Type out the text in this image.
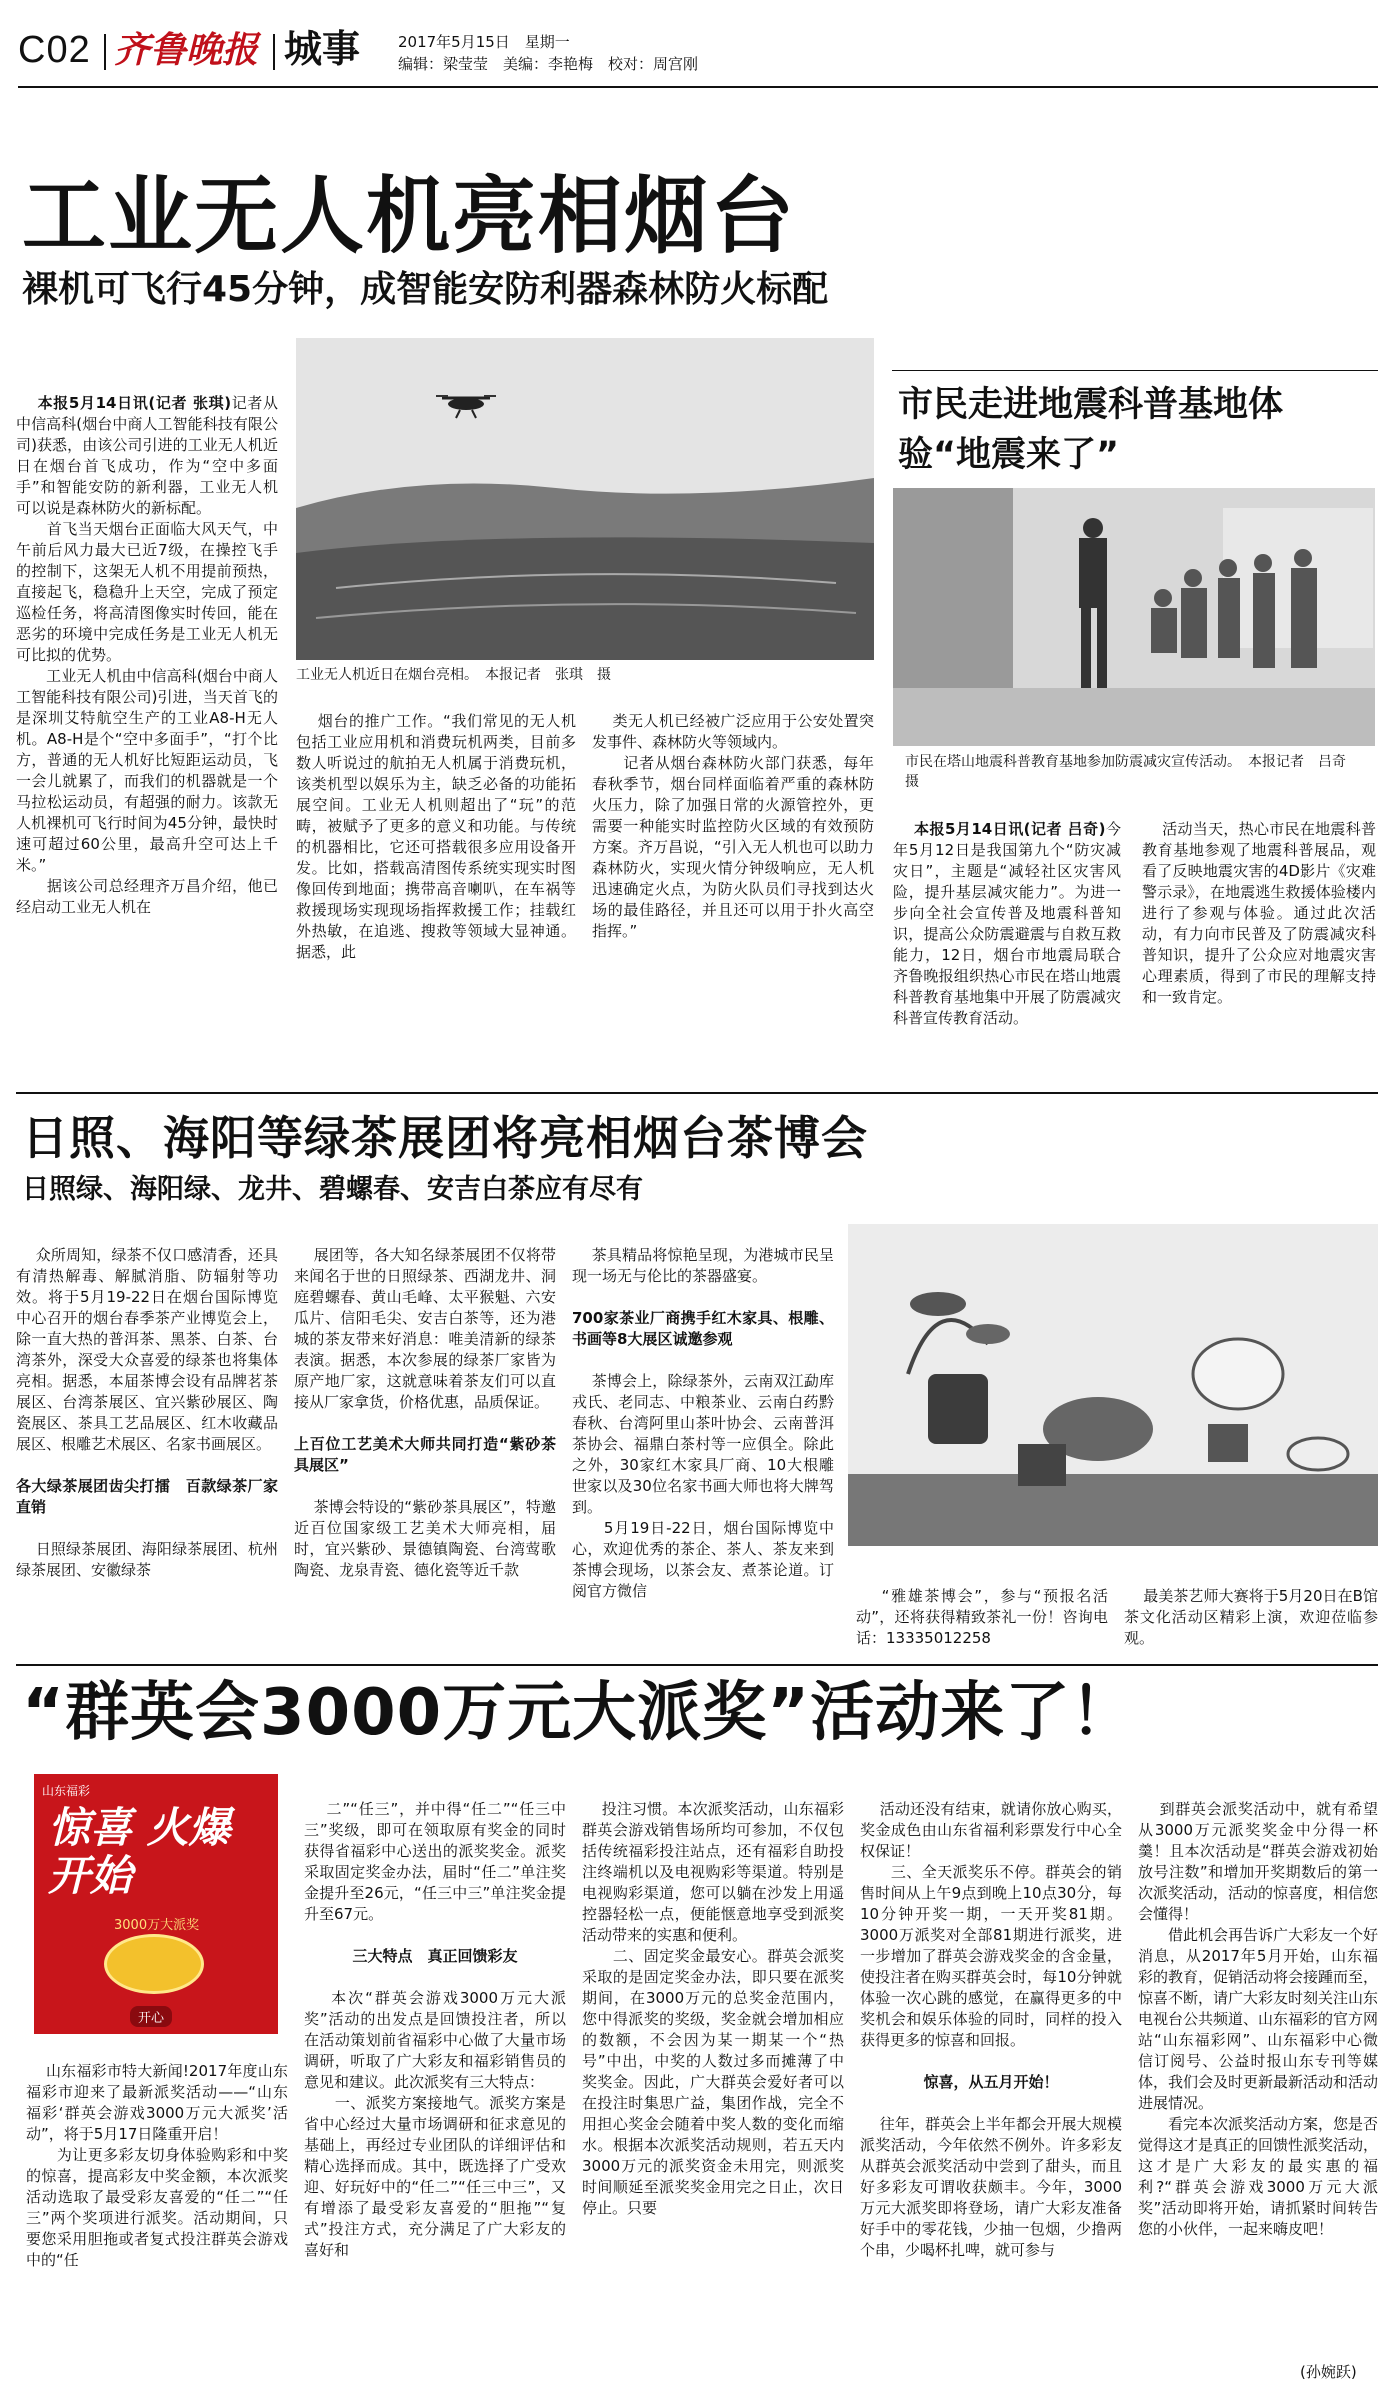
C02 齐鲁晚报 城事	2017年5月15日　星期一
编辑：梁莹莹　美编：李艳梅　校对：周宫刚
工业无人机亮相烟台
裸机可飞行45分钟，成智能安防利器森林防火标配
工业无人机近日在烟台亮相。　本报记者　张琪　摄

本报5月14日讯(记者 张琪)记者从中信高科(烟台中商人工智能科技有限公司)获悉，由该公司引进的工业无人机近日在烟台首飞成功，作为“空中多面手”和智能安防的新利器，工业无人机可以说是森林防火的新标配。
　　首飞当天烟台正面临大风天气，中午前后风力最大已近7级，在操控飞手的控制下，这架无人机不用提前预热，直接起飞，稳稳升上天空，完成了预定巡检任务，将高清图像实时传回，能在恶劣的环境中完成任务是工业无人机无可比拟的优势。
　　工业无人机由中信高科(烟台中商人工智能科技有限公司)引进，当天首飞的是深圳艾特航空生产的工业A8-H无人机。A8-H是个“空中多面手”，“打个比方，普通的无人机好比短距运动员，飞一会儿就累了，而我们的机器就是一个马拉松运动员，有超强的耐力。该款无人机裸机可飞行时间为45分钟，最快时速可超过60公里，最高升空可达上千米。”
　　据该公司总经理齐万昌介绍，他已经启动工业无人机在

烟台的推广工作。“我们常见的无人机包括工业应用机和消费玩机两类，目前多数人听说过的航拍无人机属于消费玩机，该类机型以娱乐为主，缺乏必备的功能拓展空间。工业无人机则超出了“玩”的范畴，被赋予了更多的意义和功能。与传统的机器相比，它还可搭载很多应用设备开发。比如，搭载高清图传系统实现实时图像回传到地面；携带高音喇叭，在车祸等救援现场实现现场指挥救援工作；挂载红外热敏，在追逃、搜救等领域大显神通。据悉，此

类无人机已经被广泛应用于公安处置突发事件、森林防火等领域内。
　　记者从烟台森林防火部门获悉，每年春秋季节，烟台同样面临着严重的森林防火压力，除了加强日常的火源管控外，更需要一种能实时监控防火区域的有效预防方案。齐万昌说，“引入无人机也可以助力森林防火，实现火情分钟级响应，无人机迅速确定火点，为防火队员们寻找到达火场的最佳路径，并且还可以用于扑火高空指挥。”

市民走进地震科普基地体验“地震来了”
市民在塔山地震科普教育基地参加防震减灾宣传活动。　本报记者　吕奇　摄

本报5月14日讯(记者 吕奇)今年5月12日是我国第九个“防灾减灾日”，主题是“减轻社区灾害风险，提升基层减灾能力”。为进一步向全社会宣传普及地震科普知识，提高公众防震避震与自救互救能力，12日，烟台市地震局联合齐鲁晚报组织热心市民在塔山地震科普教育基地集中开展了防震减灾科普宣传教育活动。

活动当天，热心市民在地震科普教育基地参观了地震科普展品，观看了反映地震灾害的4D影片《灾难警示录》，在地震逃生救援体验楼内进行了参观与体验。通过此次活动，有力向市民普及了防震减灾科普知识，提升了公众应对地震灾害心理素质，得到了市民的理解支持和一致肯定。

日照、海阳等绿茶展团将亮相烟台茶博会
日照绿、海阳绿、龙井、碧螺春、安吉白茶应有尽有

众所周知，绿茶不仅口感清香，还具有清热解毒、解腻消脂、防辐射等功效。将于5月19-22日在烟台国际博览中心召开的烟台春季茶产业博览会上，除一直大热的普洱茶、黑茶、白茶、台湾茶外，深受大众喜爱的绿茶也将集体亮相。据悉，本届茶博会设有品牌茗茶展区、台湾茶展区、宜兴紫砂展区、陶瓷展区、茶具工艺品展区、红木收藏品展区、根雕艺术展区、名家书画展区。

各大绿茶展团齿尖打擂　百款绿茶厂家直销

日照绿茶展团、海阳绿茶展团、杭州绿茶展团、安徽绿茶

展团等，各大知名绿茶展团不仅将带来闻名于世的日照绿茶、西湖龙井、洞庭碧螺春、黄山毛峰、太平猴魁、六安瓜片、信阳毛尖、安吉白茶等，还为港城的茶友带来好消息：唯美清新的绿茶表演。据悉，本次参展的绿茶厂家皆为原产地厂家，这就意味着茶友们可以直接从厂家拿货，价格优惠，品质保证。

上百位工艺美术大师共同打造“紫砂茶具展区”

茶博会特设的“紫砂茶具展区”，特邀近百位国家级工艺美术大师亮相，届时，宜兴紫砂、景德镇陶瓷、台湾莺歌陶瓷、龙泉青瓷、德化瓷等近千款

茶具精品将惊艳呈现，为港城市民呈现一场无与伦比的茶器盛宴。

700家茶业厂商携手红木家具、根雕、书画等8大展区诚邀参观

茶博会上，除绿茶外，云南双江勐库戎氏、老同志、中粮茶业、云南白药黔春秋、台湾阿里山茶叶协会、云南普洱茶协会、福鼎白茶村等一应俱全。除此之外，30家红木家具厂商、10大根雕世家以及30位名家书画大师也将大牌驾到。
　　5月19日-22日，烟台国际博览中心，欢迎优秀的茶企、茶人、茶友来到茶博会现场，以茶会友、煮茶论道。订阅官方微信
	“雅雄茶博会”，参与“预报名活动”，还将获得精致茶礼一份！咨询电话：13335012258

最美茶艺师大赛将于5月20日在B馆茶文化活动区精彩上演，欢迎莅临参观。

“群英会3000万元大派奖”活动来了！
山东福彩
惊喜 火爆开始
3000万大派奖
开心

山东福彩市特大新闻!2017年度山东福彩市迎来了最新派奖活动——“山东福彩‘群英会游戏3000万元大派奖’活动”，将于5月17日隆重开启！
　　为让更多彩友切身体验购彩和中奖的惊喜，提高彩友中奖金额，本次派奖活动选取了最受彩友喜爱的“任二”“任三”两个奖项进行派奖。活动期间，只要您采用胆拖或者复式投注群英会游戏中的“任

二”“任三”，并中得“任二”“任三中三”奖级，即可在领取原有奖金的同时获得省福彩中心送出的派奖奖金。派奖采取固定奖金办法，届时“任二”单注奖金提升至26元，“任三中三”单注奖金提升至67元。

三大特点　真正回馈彩友

本次“群英会游戏3000万元大派奖”活动的出发点是回馈投注者，所以在活动策划前省福彩中心做了大量市场调研，听取了广大彩友和福彩销售员的意见和建议。此次派奖有三大特点：
　　一、派奖方案接地气。派奖方案是省中心经过大量市场调研和征求意见的基础上，再经过专业团队的详细评估和精心选择而成。其中，既选择了广受欢迎、好玩好中的“任二”“任三中三”，又有增添了最受彩友喜爱的“胆拖”“复式”投注方式，充分满足了广大彩友的喜好和

投注习惯。本次派奖活动，山东福彩群英会游戏销售场所均可参加，不仅包括传统福彩投注站点，还有福彩自助投注终端机以及电视购彩等渠道。特别是电视购彩渠道，您可以躺在沙发上用遥控器轻松一点，便能惬意地享受到派奖活动带来的实惠和便利。
　　二、固定奖金最安心。群英会派奖采取的是固定奖金办法，即只要在派奖期间，在3000万元的总奖金范围内，您中得派奖的奖级，奖金就会增加相应的数额，不会因为某一期某一个“热号”中出，中奖的人数过多而摊薄了中奖奖金。因此，广大群英会爱好者可以在投注时集思广益，集团作战，完全不用担心奖金会随着中奖人数的变化而缩水。根据本次派奖活动规则，若五天内3000万元的派奖资金未用完，则派奖时间顺延至派奖奖金用完之日止，次日停止。只要

活动还没有结束，就请你放心购买，奖金成色由山东省福利彩票发行中心全权保证！
　　三、全天派奖乐不停。群英会的销售时间从上午9点到晚上10点30分，每10分钟开奖一期，一天开奖81期。3000万派奖对全部81期进行派奖，进一步增加了群英会游戏奖金的含金量，使投注者在购买群英会时，每10分钟就体验一次心跳的感觉，在赢得更多的中奖机会和娱乐体验的同时，同样的投入获得更多的惊喜和回报。

惊喜，从五月开始！

往年，群英会上半年都会开展大规模派奖活动，今年依然不例外。许多彩友从群英会派奖活动中尝到了甜头，而且好多彩友可谓收获颇丰。今年，3000万元大派奖即将登场，请广大彩友准备好手中的零花钱，少抽一包烟，少撸两个串，少喝杯扎啤，就可参与

到群英会派奖活动中，就有希望从3000万元派奖奖金中分得一杯羹！且本次活动是“群英会游戏初始放号注数”和增加开奖期数后的第一次派奖活动，活动的惊喜度，相信您会懂得！
　　借此机会再告诉广大彩友一个好消息，从2017年5月开始，山东福彩的教育，促销活动将会接踵而至，惊喜不断，请广大彩友时刻关注山东电视台公共频道、山东福彩的官方网站“山东福彩网”、山东福彩中心微信订阅号、公益时报山东专刊等媒体，我们会及时更新最新活动和活动进展情况。
　　看完本次派奖活动方案，您是否觉得这才是真正的回馈性派奖活动，这才是广大彩友的最实惠的福利?“群英会游戏3000万元大派奖”活动即将开始，请抓紧时间转告您的小伙伴，一起来嗨皮吧！

(孙婉跃)
